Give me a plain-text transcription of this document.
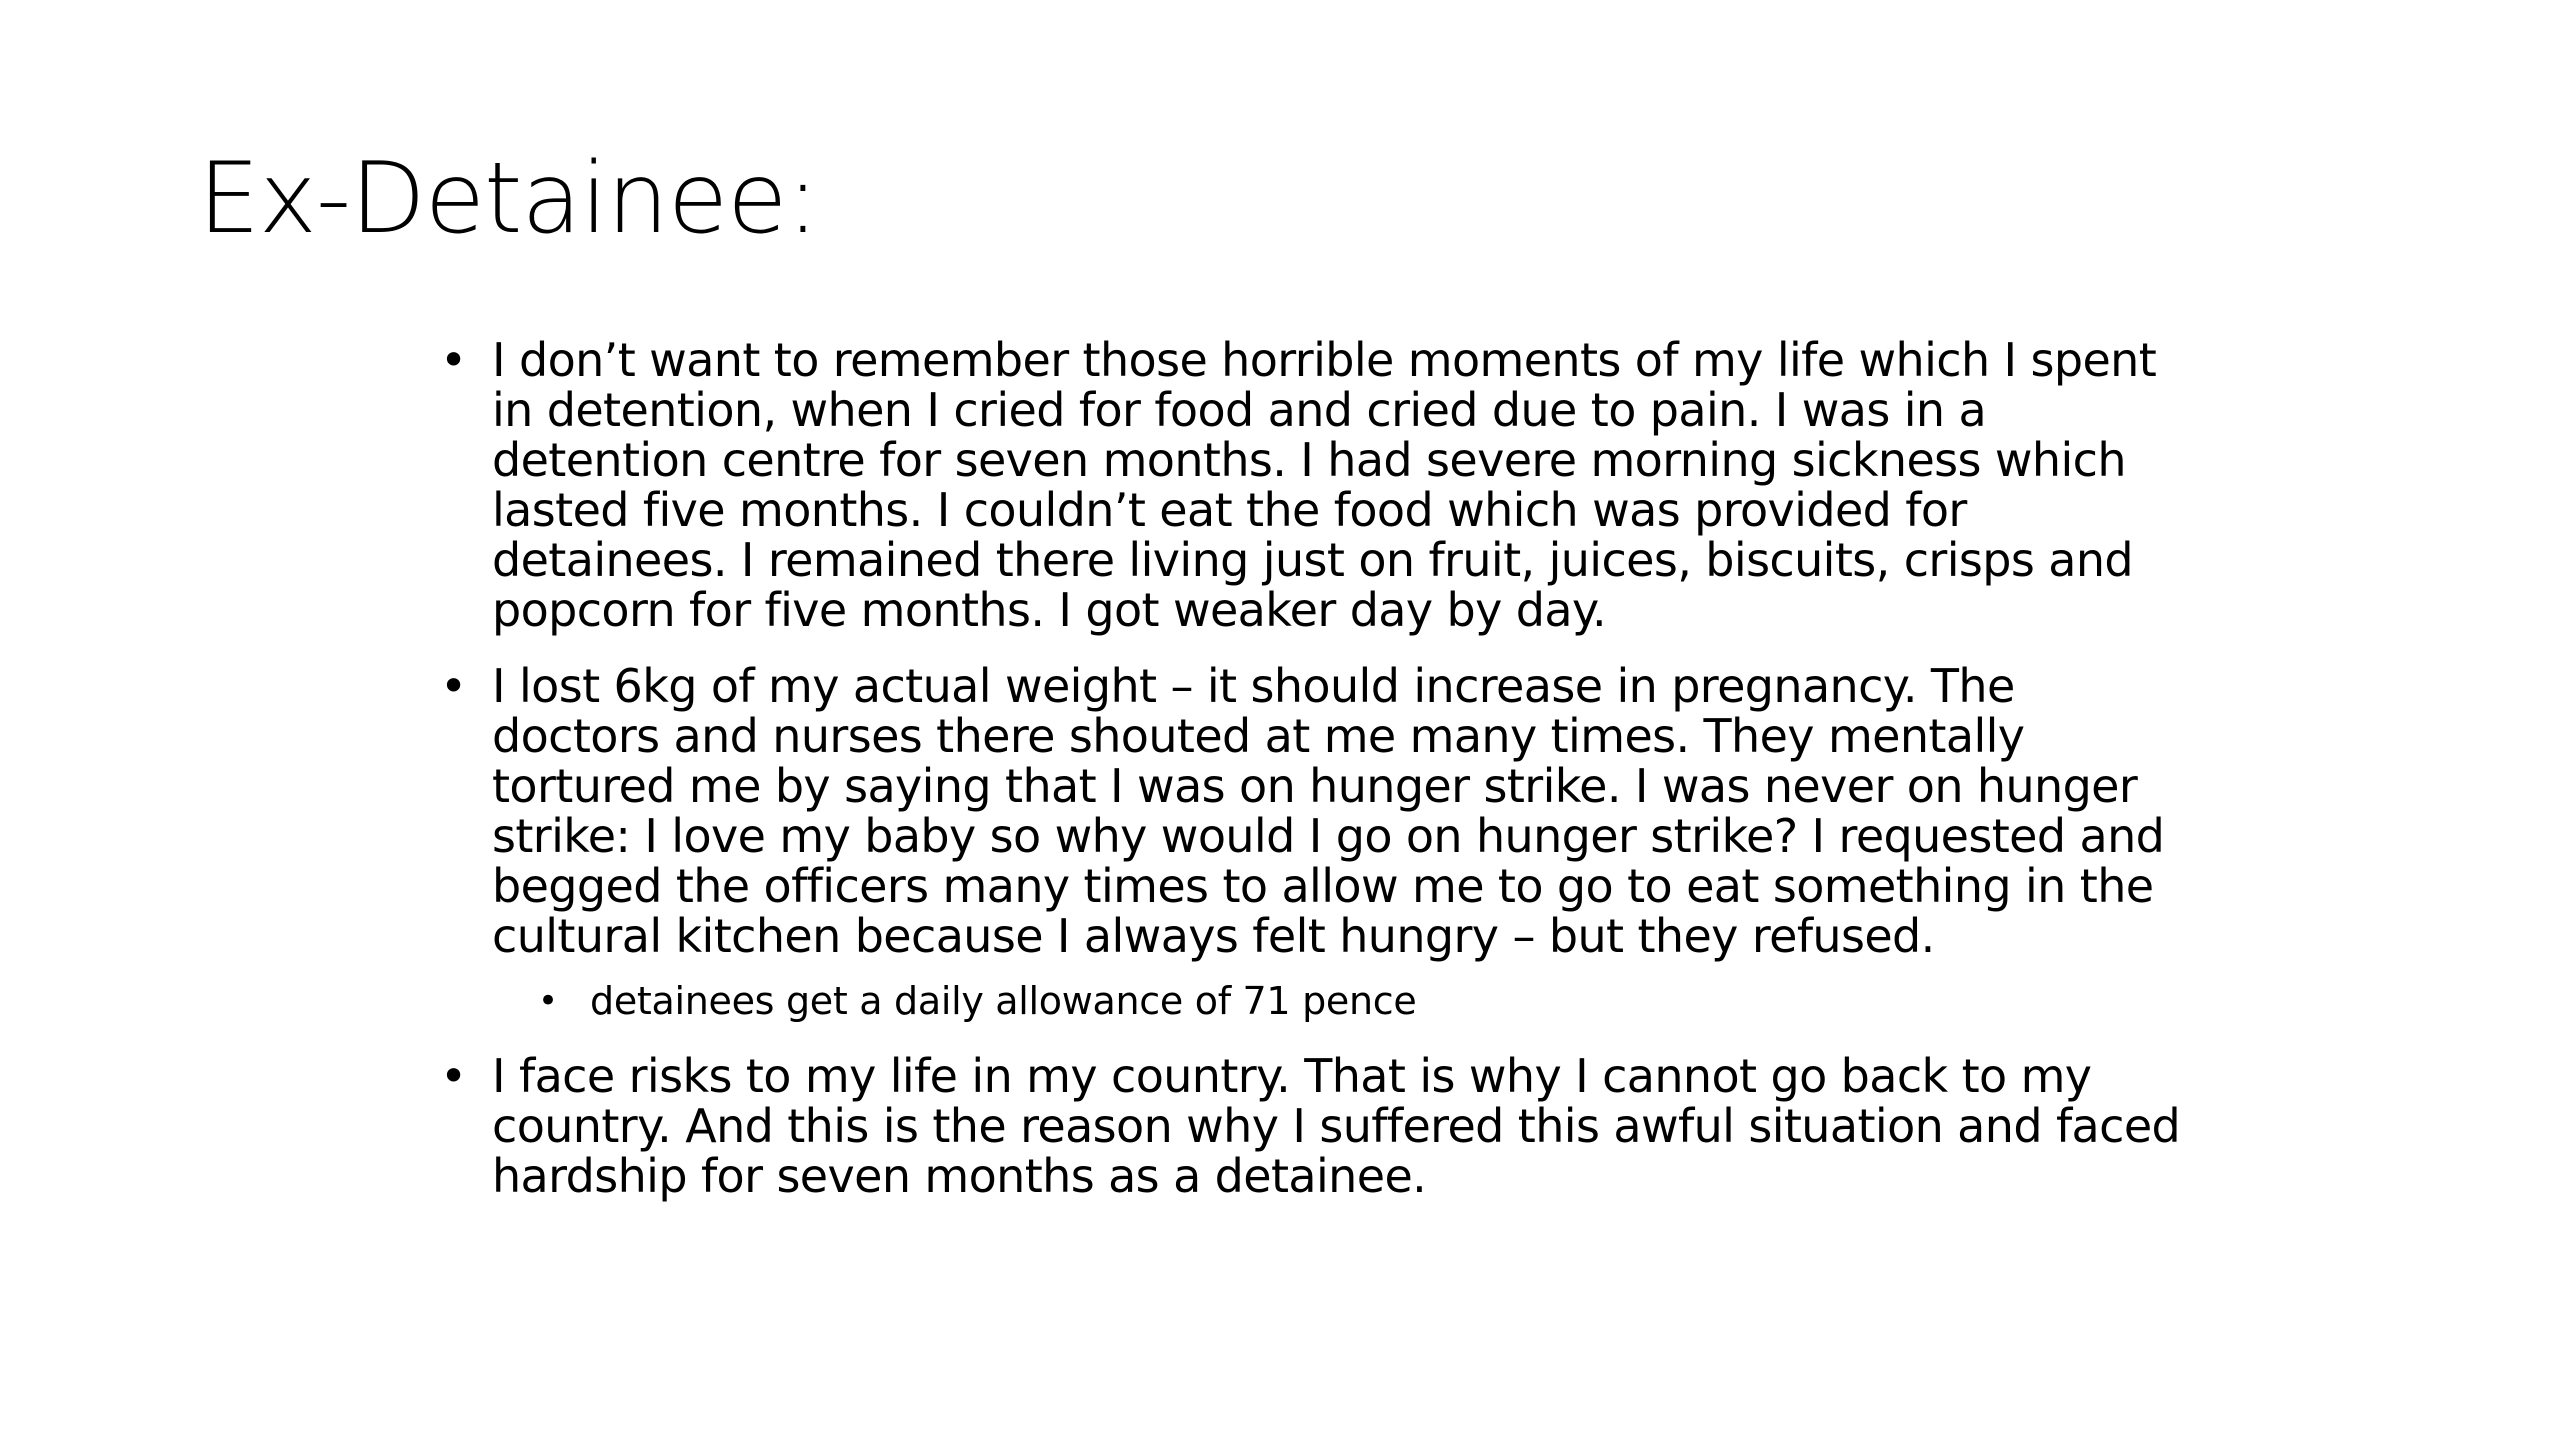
Ex-Detainee:

• I don’t want to remember those horrible moments of my life which I spent in detention, when I cried for food and cried due to pain. I was in a detention centre for seven months. I had severe morning sickness which lasted five months. I couldn’t eat the food which was provided for detainees. I remained there living just on fruit, juices, biscuits, crisps and popcorn for five months. I got weaker day by day.

• I lost 6kg of my actual weight – it should increase in pregnancy. The doctors and nurses there shouted at me many times. They mentally tortured me by saying that I was on hunger strike. I was never on hunger strike: I love my baby so why would I go on hunger strike? I requested and begged the officers many times to allow me to go to eat something in the cultural kitchen because I always felt hungry – but they refused.

• detainees get a daily allowance of 71 pence

• I face risks to my life in my country. That is why I cannot go back to my country. And this is the reason why I suffered this awful situation and faced hardship for seven months as a detainee.
